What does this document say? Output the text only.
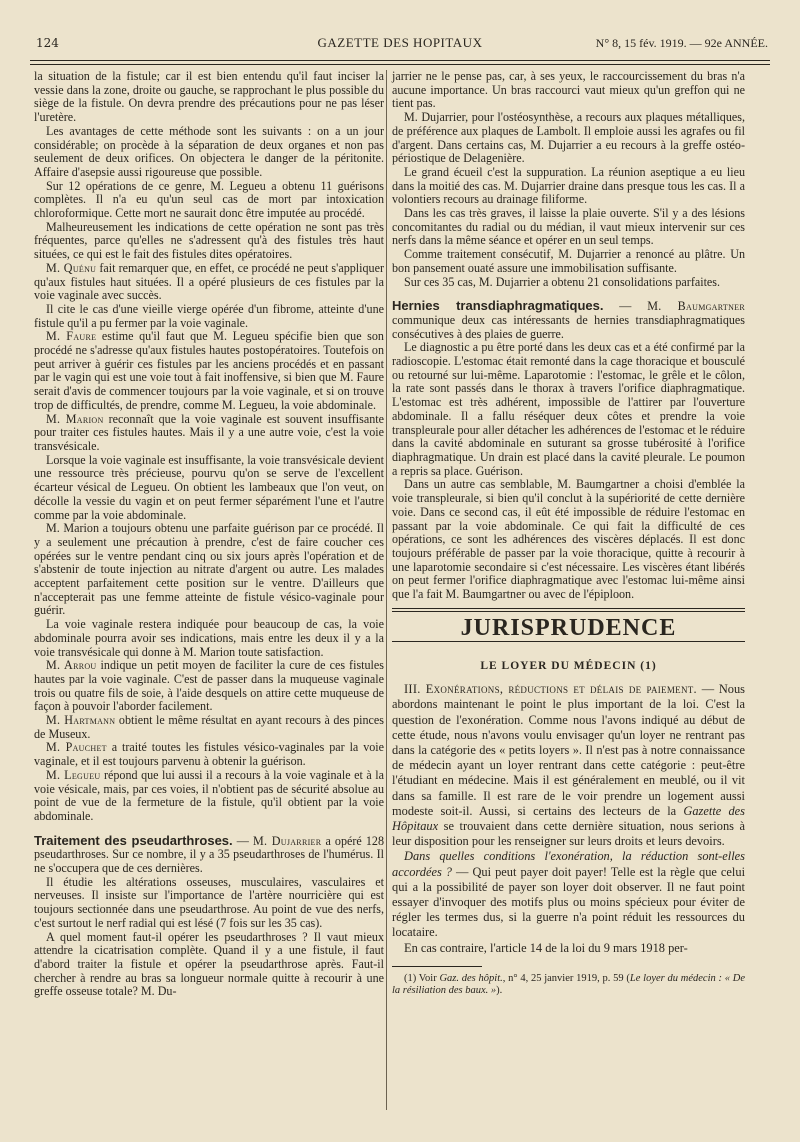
124	GAZETTE DES HOPITAUX	N° 8, 15 fév. 1919. — 92e ANNÉE.

la situation de la fistule; car il est bien entendu qu'il faut inciser la vessie dans la zone, droite ou gauche, se rapprochant le plus possible du siège de la fistule. On devra prendre des précautions pour ne pas léser l'uretère.

Les avantages de cette méthode sont les suivants : on a un jour considérable; on procède à la séparation de deux organes et non pas seulement de deux orifices. On objectera le danger de la péritonite. Affaire d'asepsie aussi rigoureuse que possible.

Sur 12 opérations de ce genre, M. Legueu a obtenu 11 guérisons complètes. Il n'a eu qu'un seul cas de mort par intoxication chloroformique. Cette mort ne saurait donc être imputée au procédé.

Malheureusement les indications de cette opération ne sont pas très fréquentes, parce qu'elles ne s'adressent qu'à des fistules très haut situées, ce qui est le fait des fistules dites opératoires.

M. Quénu fait remarquer que, en effet, ce procédé ne peut s'appliquer qu'aux fistules haut situées. Il a opéré plusieurs de ces fistules par la voie vaginale avec succès.

Il cite le cas d'une vieille vierge opérée d'un fibrome, atteinte d'une fistule qu'il a pu fermer par la voie vaginale.

M. Faure estime qu'il faut que M. Legueu spécifie bien que son procédé ne s'adresse qu'aux fistules hautes postopératoires. Toutefois on peut arriver à guérir ces fistules par les anciens procédés et en passant par le vagin qui est une voie tout à fait inoffensive, si bien que M. Faure serait d'avis de commencer toujours par la voie vaginale, et si on trouve trop de difficultés, de prendre, comme M. Legueu, la voie abdominale.

M. Marion reconnaît que la voie vaginale est souvent insuffisante pour traiter ces fistules hautes. Mais il y a une autre voie, c'est la voie transvésicale.

Lorsque la voie vaginale est insuffisante, la voie transvésicale devient une ressource très précieuse, pourvu qu'on se serve de l'excellent écarteur vésical de Legueu. On obtient les lambeaux que l'on veut, on décolle la vessie du vagin et on peut fermer séparément l'une et l'autre comme par la voie abdominale.

M. Marion a toujours obtenu une parfaite guérison par ce procédé. Il y a seulement une précaution à prendre, c'est de faire coucher ces opérées sur le ventre pendant cinq ou six jours après l'opération et de s'abstenir de toute injection au nitrate d'argent ou autre. Les malades acceptent parfaitement cette position sur le ventre. D'ailleurs que n'accepterait pas une femme atteinte de fistule vésico-vaginale pour guérir.

La voie vaginale restera indiquée pour beaucoup de cas, la voie abdominale pourra avoir ses indications, mais entre les deux il y a la voie transvésicale qui donne à M. Marion toute satisfaction.

M. Arrou indique un petit moyen de faciliter la cure de ces fistules hautes par la voie vaginale. C'est de passer dans la muqueuse vaginale trois ou quatre fils de soie, à l'aide desquels on attire cette muqueuse de façon à pouvoir l'aborder facilement.

M. Hartmann obtient le même résultat en ayant recours à des pinces de Museux.

M. Pauchet a traité toutes les fistules vésico-vaginales par la voie vaginale, et il est toujours parvenu à obtenir la guérison.

M. Legueu répond que lui aussi il a recours à la voie vaginale et à la voie vésicale, mais, par ces voies, il n'obtient pas de sécurité absolue au point de vue de la fermeture de la fistule, qu'il obtient par la voie abdominale.

Traitement des pseudarthroses. — M. Dujarrier a opéré 128 pseudarthroses. Sur ce nombre, il y a 35 pseudarthroses de l'humérus. Il ne s'occupera que de ces dernières.

Il étudie les altérations osseuses, musculaires, vasculaires et nerveuses. Il insiste sur l'importance de l'artère nourricière qui est toujours sectionnée dans une pseudarthrose. Au point de vue des nerfs, c'est surtout le nerf radial qui est lésé (7 fois sur les 35 cas).

A quel moment faut-il opérer les pseudarthroses ? Il vaut mieux attendre la cicatrisation complète. Quand il y a une fistule, il faut d'abord traiter la fistule et opérer la pseudarthrose après. Faut-il chercher à rendre au bras sa longueur normale quitte à recourir à une greffe osseuse totale? M. Du-

jarrier ne le pense pas, car, à ses yeux, le raccourcissement du bras n'a aucune importance. Un bras raccourci vaut mieux qu'un greffon qui ne tient pas.

M. Dujarrier, pour l'ostéosynthèse, a recours aux plaques métalliques, de préférence aux plaques de Lambolt. Il emploie aussi les agrafes ou fil d'argent. Dans certains cas, M. Dujarrier a eu recours à la greffe ostéo-périostique de Delagenière.

Le grand écueil c'est la suppuration. La réunion aseptique a eu lieu dans la moitié des cas. M. Dujarrier draine dans presque tous les cas. Il a volontiers recours au drainage filiforme.

Dans les cas très graves, il laisse la plaie ouverte. S'il y a des lésions concomitantes du radial ou du médian, il vaut mieux intervenir sur ces nerfs dans la même séance et opérer en un seul temps.

Comme traitement consécutif, M. Dujarrier a renoncé au plâtre. Un bon pansement ouaté assure une immobilisation suffisante.

Sur ces 35 cas, M. Dujarrier a obtenu 21 consolidations parfaites.

Hernies transdiaphragmatiques. — M. Baumgartner communique deux cas intéressants de hernies transdiaphragmatiques consécutives à des plaies de guerre.

Le diagnostic a pu être porté dans les deux cas et a été confirmé par la radioscopie. L'estomac était remonté dans la cage thoracique et bousculé ou retourné sur lui-même. Laparotomie : l'estomac, le grêle et le côlon, la rate sont passés dans le thorax à travers l'orifice diaphragmatique. L'estomac est très adhérent, impossible de l'attirer par l'ouverture abdominale. Il a fallu réséquer deux côtes et prendre la voie transpleurale pour aller détacher les adhérences de l'estomac et le réduire dans la cavité abdominale en suturant sa grosse tubérosité à l'orifice diaphragmatique. Un drain est placé dans la cavité pleurale. Le poumon a repris sa place. Guérison.

Dans un autre cas semblable, M. Baumgartner a choisi d'emblée la voie transpleurale, si bien qu'il conclut à la supériorité de cette dernière voie. Dans ce second cas, il eût été impossible de réduire l'estomac en passant par la voie abdominale. Ce qui fait la difficulté de ces opérations, ce sont les adhérences des viscères déplacés. Il est donc toujours préférable de passer par la voie thoracique, quitte à recourir à une laparotomie secondaire si c'est nécessaire. Les viscères étant libérés on peut fermer l'orifice diaphragmatique avec l'estomac lui-même ainsi que l'a fait M. Baumgartner ou avec de l'épiploon.

JURISPRUDENCE
LE LOYER DU MÉDECIN (1)

III. Exonérations, réductions et délais de paiement. — Nous abordons maintenant le point le plus important de la loi. C'est la question de l'exonération. Comme nous l'avons indiqué au début de cette étude, nous n'avons voulu envisager qu'un loyer ne rentrant pas dans la catégorie des « petits loyers ». Il n'est pas à notre connaissance de médecin ayant un loyer rentrant dans cette catégorie : peut-être l'étudiant en médecine. Mais il est généralement en meublé, ou il vit dans sa famille. Il est rare de le voir prendre un logement aussi modeste soit-il. Aussi, si certains des lecteurs de la Gazette des Hôpitaux se trouvaient dans cette dernière situation, nous serions à leur disposition pour les renseigner sur leurs droits et leurs devoirs.

Dans quelles conditions l'exonération, la réduction sont-elles accordées ? — Qui peut payer doit payer! Telle est la règle que celui qui a la possibilité de payer son loyer doit observer. Il ne faut point essayer d'invoquer des motifs plus ou moins spécieux pour éviter de régler les termes dus, si la guerre n'a point réduit les ressources du locataire.

En cas contraire, l'article 14 de la loi du 9 mars 1918 per-

(1) Voir Gaz. des hôpit., n° 4, 25 janvier 1919, p. 59 (Le loyer du médecin : « De la résiliation des baux. »).
